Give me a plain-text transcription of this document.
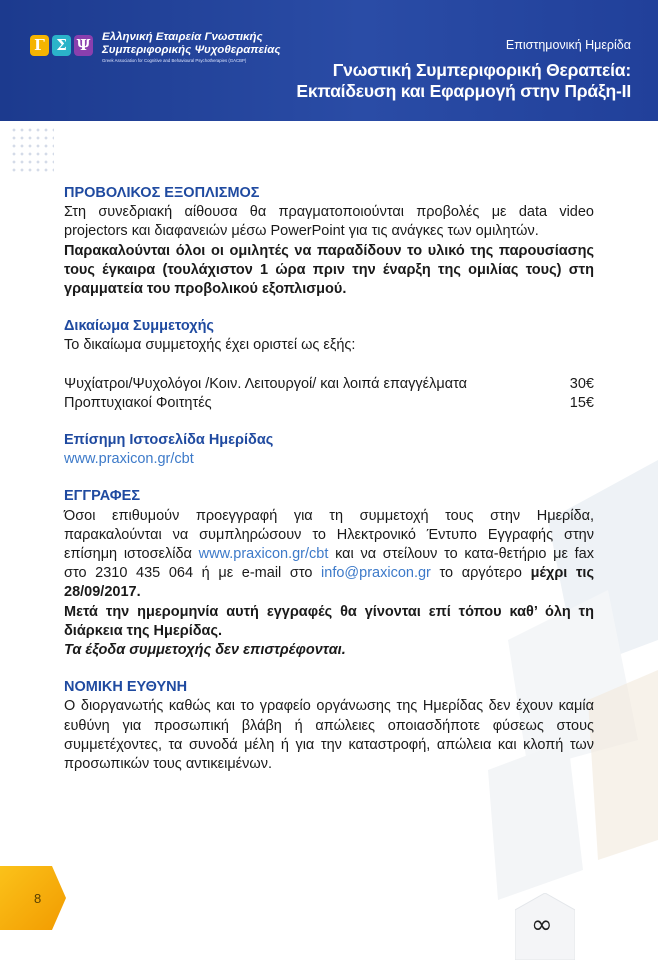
Γ Σ Ψ Ελληνική Εταιρεία Γνωστικής
Συμπεριφορικής Ψυχοθεραπείας
Greek Association for Cognitive and Behavioural Psychotherapies (GACBP)
Επιστημονική Ημερίδα
Γνωστική Συμπεριφορική Θεραπεία:
Εκπαίδευση και Εφαρμογή στην Πράξη-ΙΙ
ΠΡΟΒΟΛΙΚΟΣ ΕΞΟΠΛΙΣΜΟΣ

Στη συνεδριακή αίθουσα θα πραγματοποιούνται προβολές με data video projectors και διαφανειών μέσω PowerPoint για τις ανάγκες των ομιλητών.

Παρακαλούνται όλοι οι ομιλητές να παραδίδουν το υλικό της παρουσίασης τους έγκαιρα (τουλάχιστον 1 ώρα πριν την έναρξη της ομιλίας τους) στη γραμματεία του προβολικού εξοπλισμού.

Δικαίωμα Συμμετοχής

Το δικαίωμα συμμετοχής έχει οριστεί ως εξής:

Ψυχίατροι/Ψυχολόγοι /Κοιν. Λειτουργοί/ και λοιπά επαγγέλματα	30€
Προπτυχιακοί Φοιτητές	15€
Επίσημη Ιστοσελίδα Ημερίδας
www.praxicon.gr/cbt
ΕΓΓΡΑΦΕΣ

Όσοι επιθυμούν προεγγραφή για τη συμμετοχή τους στην Ημερίδα, παρακαλούνται να συμπληρώσουν το Ηλεκτρονικό Έντυπο Εγγραφής στην επίσημη ιστοσελίδα www.praxicon.gr/cbt και να στείλουν το κατα-θετήριο με fax στο 2310 435 064 ή με e-mail στο info@praxicon.gr το αργότερο μέχρι τις 28/09/2017.

Μετά την ημερομηνία αυτή εγγραφές θα γίνονται επί τόπου καθ’ όλη τη διάρκεια της Ημερίδας.

Τα έξοδα συμμετοχής δεν επιστρέφονται.

ΝΟΜΙΚΗ ΕΥΘΥΝΗ

Ο διοργανωτής καθώς και το γραφείο οργάνωσης της Ημερίδας δεν έχουν καμία ευθύνη για προσωπική βλάβη ή απώλειες οποιασδήποτε φύσεως στους συμμετέχοντες, τα συνοδά μέλη ή για την καταστροφή, απώλεια και κλοπή των προσωπικών τους αντικειμένων.

8
∞
